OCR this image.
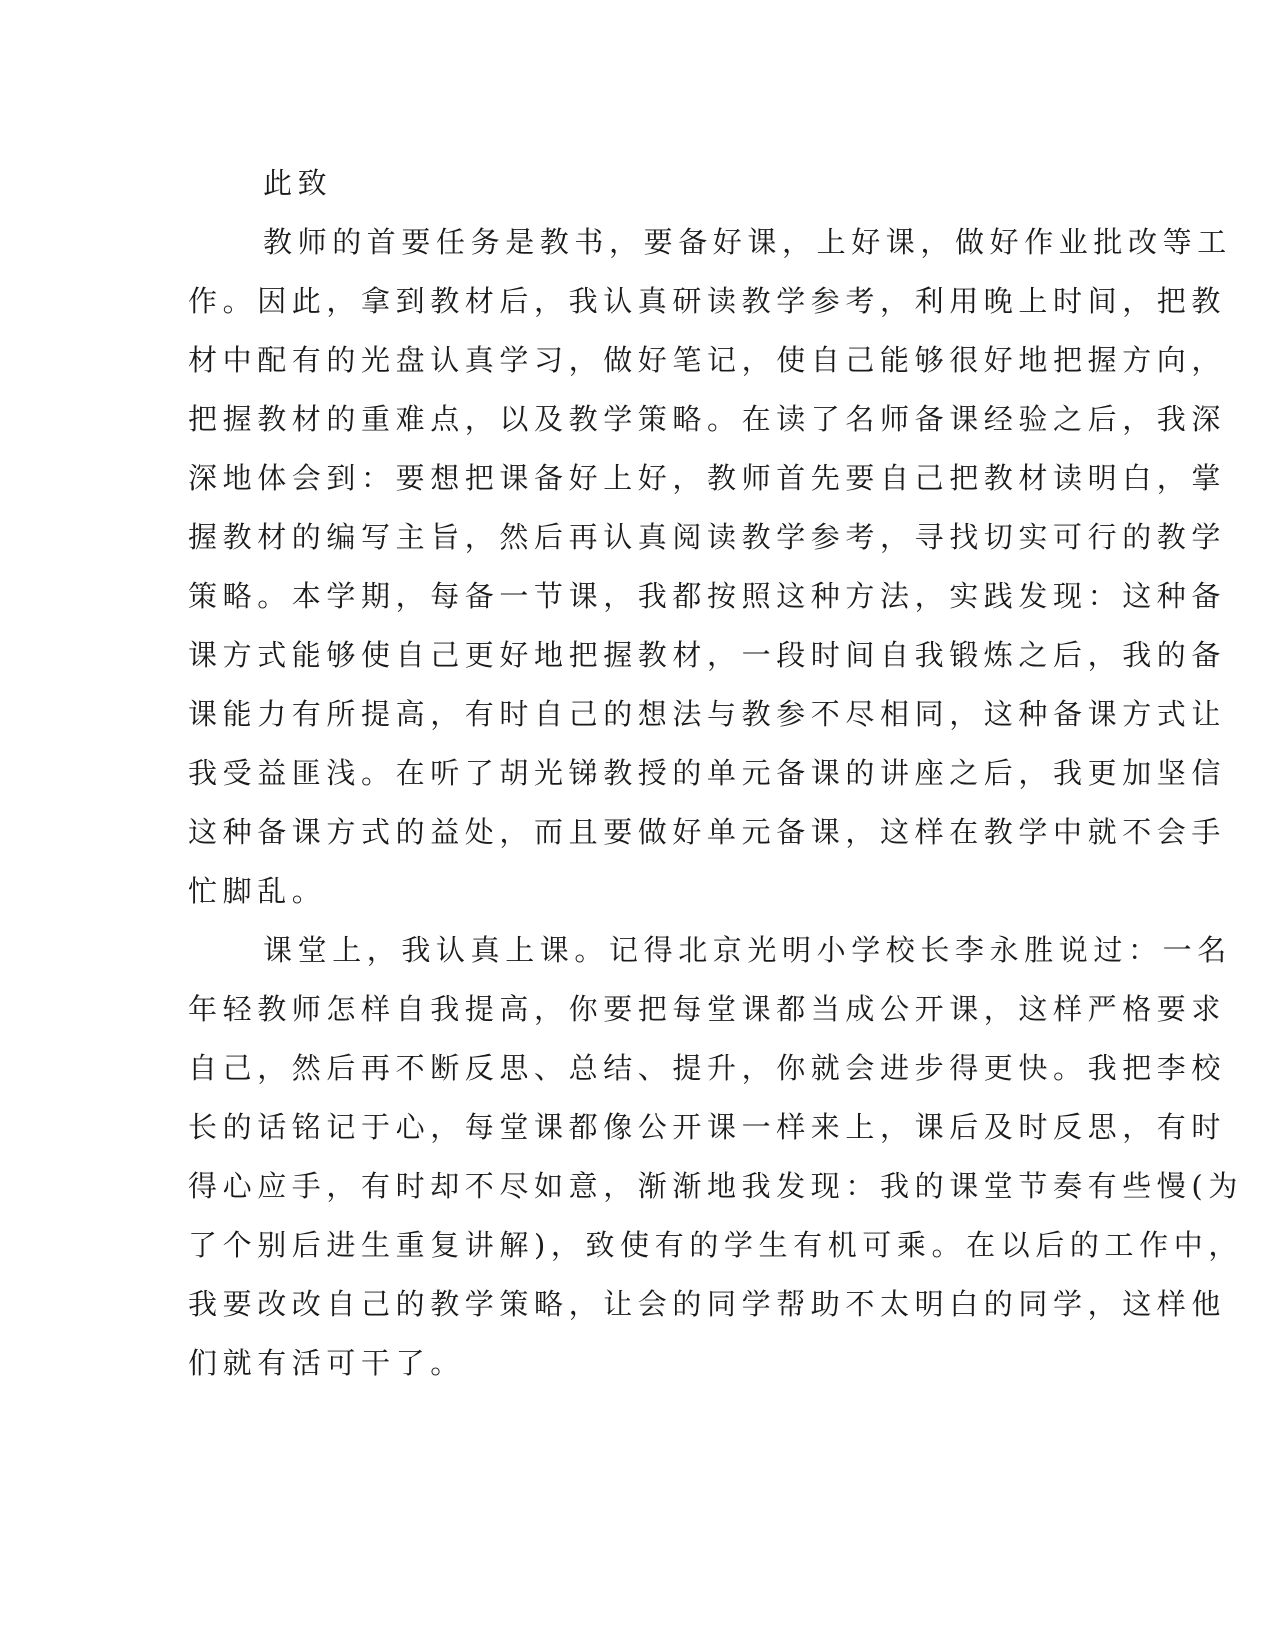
此致
教师的首要任务是教书，要备好课，上好课，做好作业批改等工
作。因此，拿到教材后，我认真研读教学参考，利用晚上时间，把教
材中配有的光盘认真学习，做好笔记，使自己能够很好地把握方向，
把握教材的重难点，以及教学策略。在读了名师备课经验之后，我深
深地体会到：要想把课备好上好，教师首先要自己把教材读明白，掌
握教材的编写主旨，然后再认真阅读教学参考，寻找切实可行的教学
策略。本学期，每备一节课，我都按照这种方法，实践发现：这种备
课方式能够使自己更好地把握教材，一段时间自我锻炼之后，我的备
课能力有所提高，有时自己的想法与教参不尽相同，这种备课方式让
我受益匪浅。在听了胡光锑教授的单元备课的讲座之后，我更加坚信
这种备课方式的益处，而且要做好单元备课，这样在教学中就不会手
忙脚乱。
课堂上，我认真上课。记得北京光明小学校长李永胜说过：一名
年轻教师怎样自我提高，你要把每堂课都当成公开课，这样严格要求
自己，然后再不断反思、总结、提升，你就会进步得更快。我把李校
长的话铭记于心，每堂课都像公开课一样来上，课后及时反思，有时
得心应手，有时却不尽如意，渐渐地我发现：我的课堂节奏有些慢(为
了个别后进生重复讲解)，致使有的学生有机可乘。在以后的工作中，
我要改改自己的教学策略，让会的同学帮助不太明白的同学，这样他
们就有活可干了。
